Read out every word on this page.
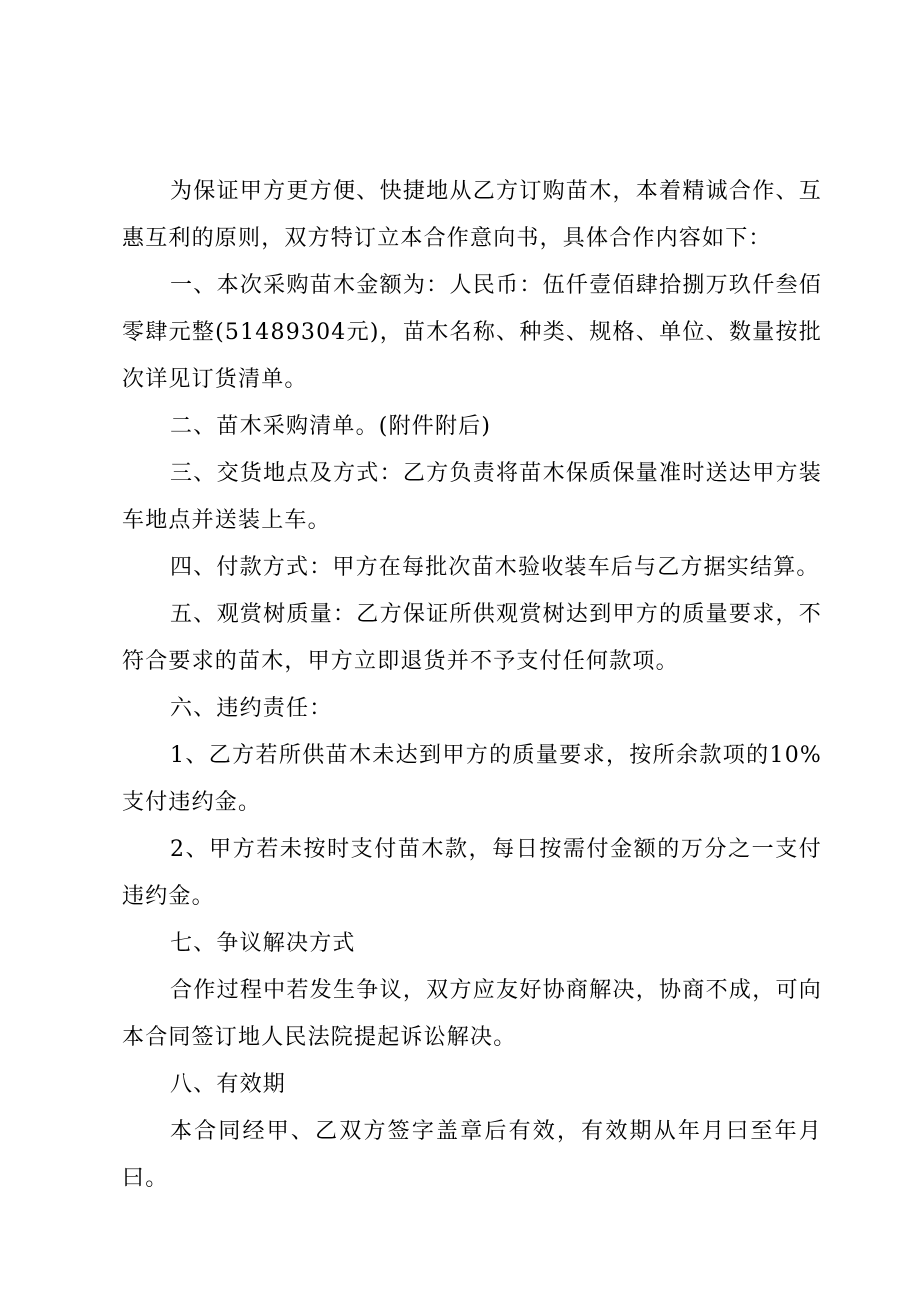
为保证甲方更方便、快捷地从乙方订购苗木，本着精诚合作、互惠互利的原则，双方特订立本合作意向书，具体合作内容如下：

一、本次采购苗木金额为：人民币：伍仟壹佰肆拾捌万玖仟叁佰零肆元整(51489304元)，苗木名称、种类、规格、单位、数量按批次详见订货清单。

二、苗木采购清单。(附件附后)

三、交货地点及方式：乙方负责将苗木保质保量准时送达甲方装车地点并送装上车。

四、付款方式：甲方在每批次苗木验收装车后与乙方据实结算。

五、观赏树质量：乙方保证所供观赏树达到甲方的质量要求，不符合要求的苗木，甲方立即退货并不予支付任何款项。

六、违约责任：

1、乙方若所供苗木未达到甲方的质量要求，按所余款项的10%支付违约金。

2、甲方若未按时支付苗木款，每日按需付金额的万分之一支付违约金。

七、争议解决方式

合作过程中若发生争议，双方应友好协商解决，协商不成，可向本合同签订地人民法院提起诉讼解决。

八、有效期

本合同经甲、乙双方签字盖章后有效，有效期从年月曰至年月曰。
